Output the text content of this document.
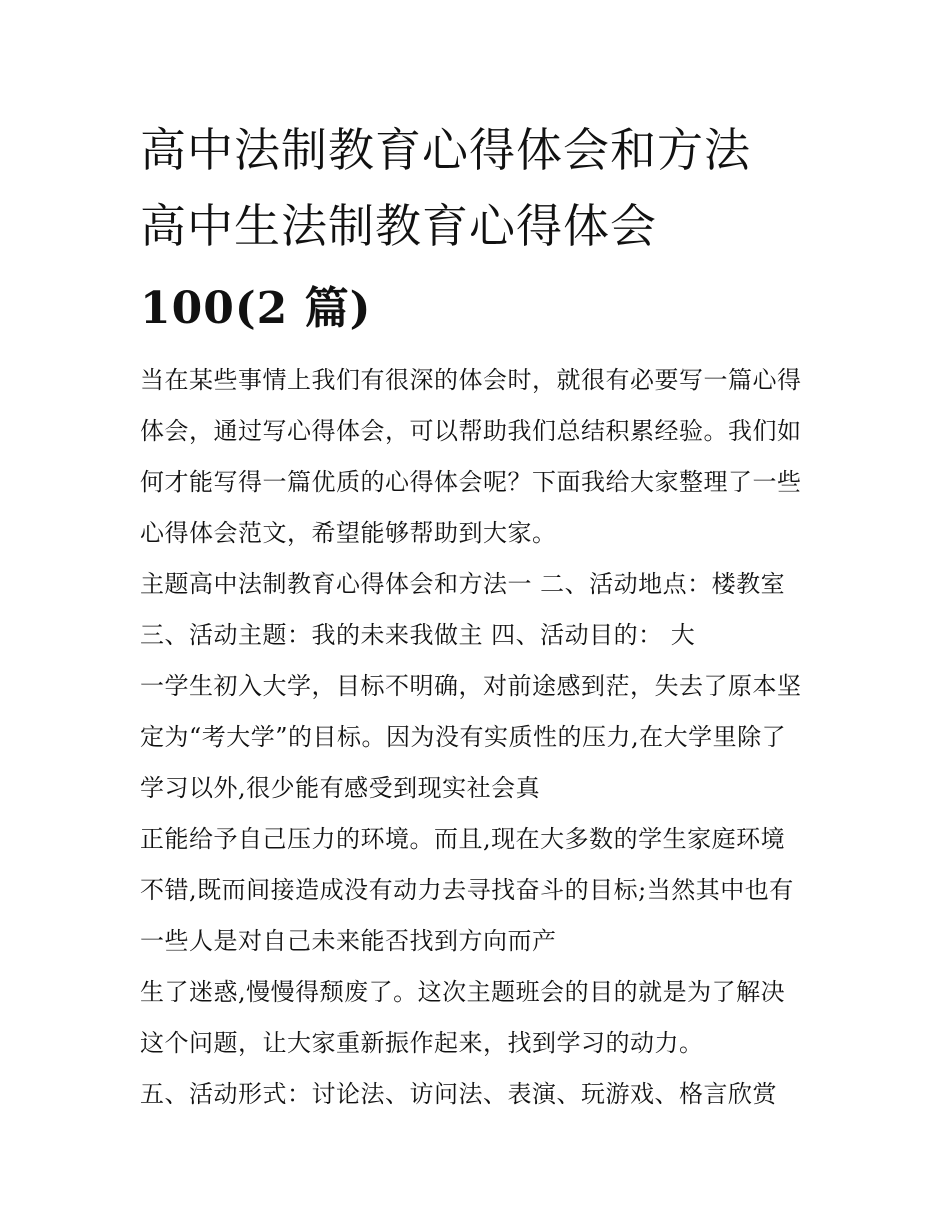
高中法制教育心得体会和方法
高中生法制教育心得体会
100(2 篇)
当在某些事情上我们有很深的体会时，就很有必要写一篇心得
体会，通过写心得体会，可以帮助我们总结积累经验。我们如
何才能写得一篇优质的心得体会呢？下面我给大家整理了一些
心得体会范文，希望能够帮助到大家。
主题高中法制教育心得体会和方法一 二、活动地点：楼教室
三、活动主题：我的未来我做主 四、活动目的： 大
一学生初入大学，目标不明确，对前途感到茫，失去了原本坚
定为“考大学”的目标。因为没有实质性的压力,在大学里除了
学习以外,很少能有感受到现实社会真
正能给予自己压力的环境。而且,现在大多数的学生家庭环境
不错,既而间接造成没有动力去寻找奋斗的目标;当然其中也有
一些人是对自己未来能否找到方向而产
生了迷惑,慢慢得颓废了。这次主题班会的目的就是为了解决
这个问题，让大家重新振作起来，找到学习的动力。
五、活动形式：讨论法、访问法、表演、玩游戏、格言欣赏
